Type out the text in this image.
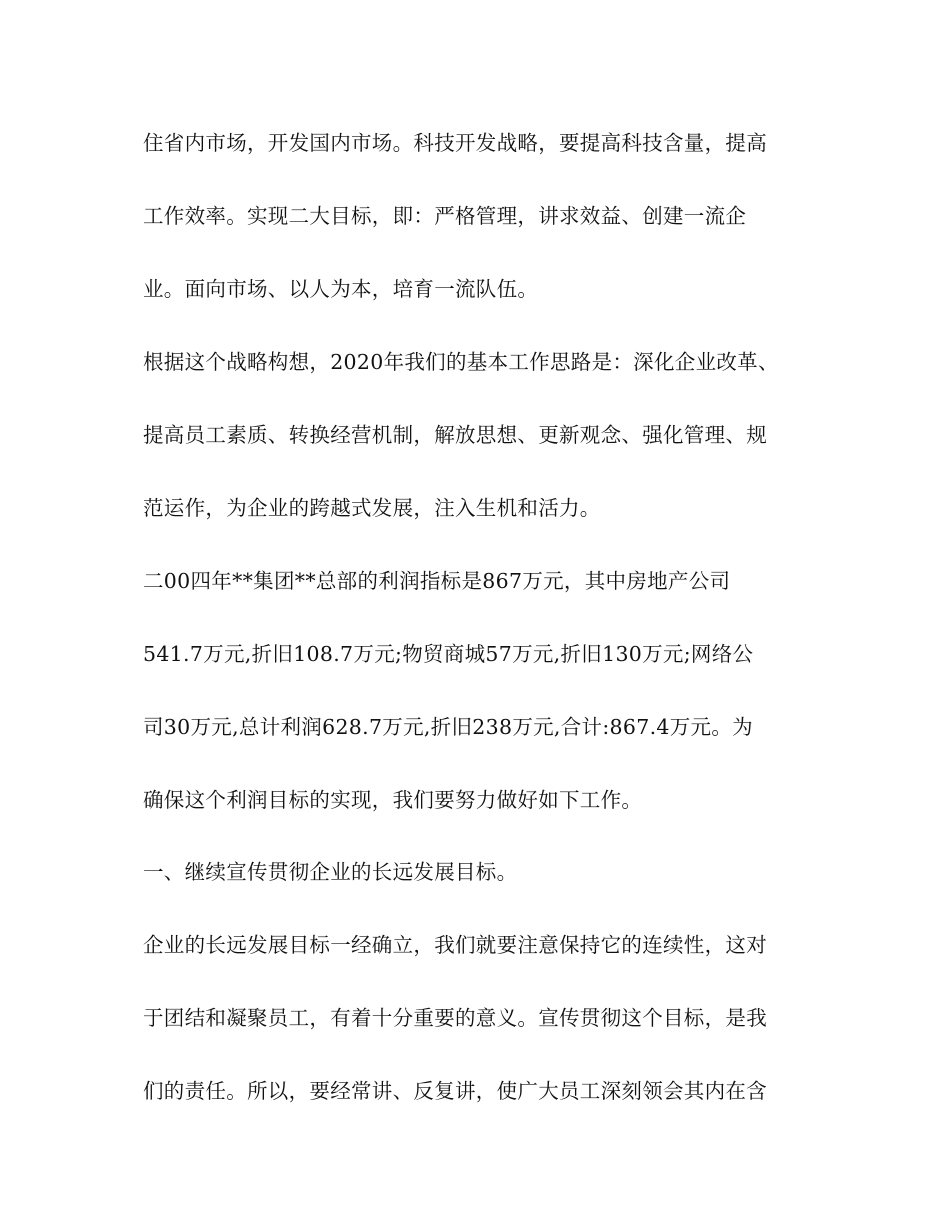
住省内市场，开发国内市场。科技开发战略，要提高科技含量，提高
工作效率。实现二大目标，即：严格管理，讲求效益、创建一流企
业。面向市场、以人为本，培育一流队伍。
根据这个战略构想，2020年我们的基本工作思路是：深化企业改革、
提高员工素质、转换经营机制，解放思想、更新观念、强化管理、规
范运作，为企业的跨越式发展，注入生机和活力。
二00四年**集团**总部的利润指标是867万元，其中房地产公司
541.7万元,折旧108.7万元;物贸商城57万元,折旧130万元;网络公
司30万元,总计利润628.7万元,折旧238万元,合计:867.4万元。为
确保这个利润目标的实现，我们要努力做好如下工作。
一、继续宣传贯彻企业的长远发展目标。
企业的长远发展目标一经确立，我们就要注意保持它的连续性，这对
于团结和凝聚员工，有着十分重要的意义。宣传贯彻这个目标，是我
们的责任。所以，要经常讲、反复讲，使广大员工深刻领会其内在含
